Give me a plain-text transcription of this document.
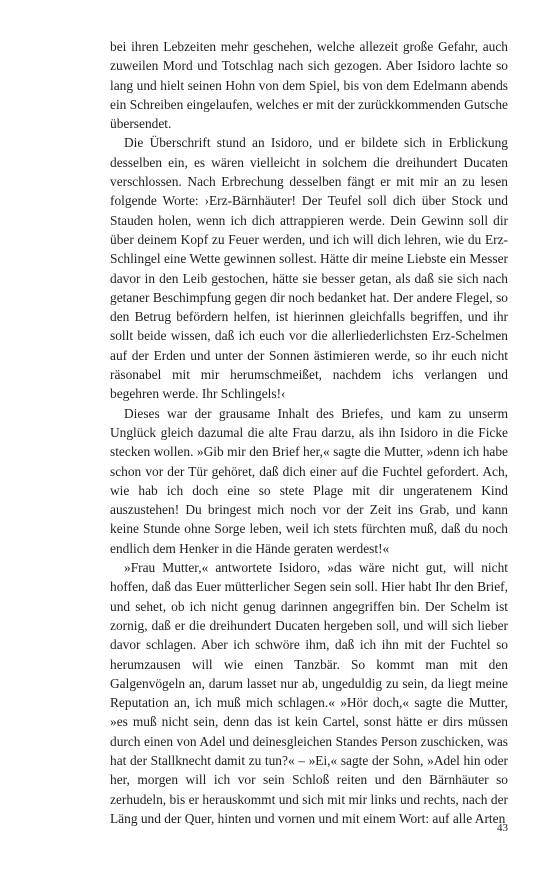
bei ihren Lebzeiten mehr geschehen, welche allezeit große Gefahr, auch zuweilen Mord und Totschlag nach sich gezogen. Aber Isidoro lachte so lang und hielt seinen Hohn von dem Spiel, bis von dem Edelmann abends ein Schreiben eingelaufen, welches er mit der zurückkommenden Gutsche übersendet.

Die Überschrift stund an Isidoro, und er bildete sich in Erblickung desselben ein, es wären vielleicht in solchem die dreihundert Ducaten verschlossen. Nach Erbrechung desselben fängt er mit mir an zu lesen folgende Worte: ›Erz-Bärnhäuter! Der Teufel soll dich über Stock und Stauden holen, wenn ich dich attrappieren werde. Dein Gewinn soll dir über deinem Kopf zu Feuer werden, und ich will dich lehren, wie du Erz-Schlingel eine Wette gewinnen sollest. Hätte dir meine Liebste ein Messer davor in den Leib gestochen, hätte sie besser getan, als daß sie sich nach getaner Beschimpfung gegen dir noch bedanket hat. Der andere Flegel, so den Betrug befördern helfen, ist hierinnen gleichfalls begriffen, und ihr sollt beide wissen, daß ich euch vor die allerliederlichsten Erz-Schelmen auf der Erden und unter der Sonnen ästimieren werde, so ihr euch nicht räsonabel mit mir herumschmeißet, nachdem ichs verlangen und begehren werde. Ihr Schlingels!‹

Dieses war der grausame Inhalt des Briefes, und kam zu unserm Unglück gleich dazumal die alte Frau darzu, als ihn Isidoro in die Ficke stecken wollen. »Gib mir den Brief her,« sagte die Mutter, »denn ich habe schon vor der Tür gehöret, daß dich einer auf die Fuchtel gefordert. Ach, wie hab ich doch eine so stete Plage mit dir ungeratenem Kind auszustehen! Du bringest mich noch vor der Zeit ins Grab, und kann keine Stunde ohne Sorge leben, weil ich stets fürchten muß, daß du noch endlich dem Henker in die Hände geraten werdest!«

»Frau Mutter,« antwortete Isidoro, »das wäre nicht gut, will nicht hoffen, daß das Euer mütterlicher Segen sein soll. Hier habt Ihr den Brief, und sehet, ob ich nicht genug darinnen angegriffen bin. Der Schelm ist zornig, daß er die dreihundert Ducaten hergeben soll, und will sich lieber davor schlagen. Aber ich schwöre ihm, daß ich ihn mit der Fuchtel so herumzausen will wie einen Tanzbär. So kommt man mit den Galgenvögeln an, darum lasset nur ab, ungeduldig zu sein, da liegt meine Reputation an, ich muß mich schlagen.« »Hör doch,« sagte die Mutter, »es muß nicht sein, denn das ist kein Cartel, sonst hätte er dirs müssen durch einen von Adel und deinesgleichen Standes Person zuschicken, was hat der Stallknecht damit zu tun?« – »Ei,« sagte der Sohn, »Adel hin oder her, morgen will ich vor sein Schloß reiten und den Bärnhäuter so zerhudeln, bis er herauskommt und sich mit mir links und rechts, nach der Läng und der Quer, hinten und vornen und mit einem Wort: auf alle Arten

43
